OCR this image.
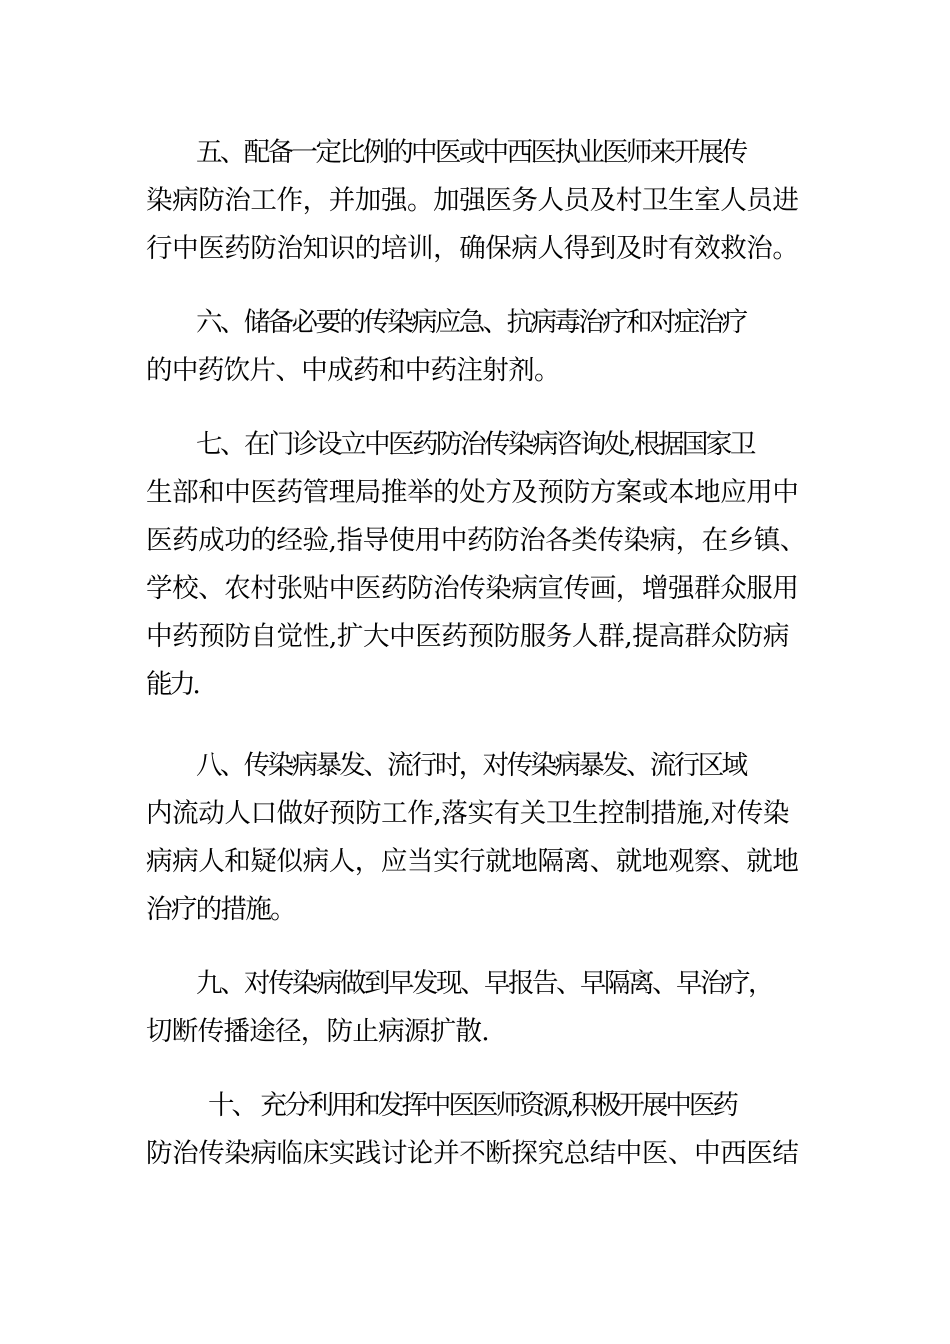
五、配备一定比例的中医或中西医执业医师来开展传

染病防治工作，并加强。加强医务人员及村卫生室人员进

行中医药防治知识的培训，确保病人得到及时有效救治。

六、储备必要的传染病应急、抗病毒治疗和对症治疗

的中药饮片、中成药和中药注射剂。

七、在门诊设立中医药防治传染病咨询处,根据国家卫

生部和中医药管理局推举的处方及预防方案或本地应用中

医药成功的经验,指导使用中药防治各类传染病，在乡镇、

学校、农村张贴中医药防治传染病宣传画，增强群众服用

中药预防自觉性,扩大中医药预防服务人群,提高群众防病

能力.

八、传染病暴发、流行时，对传染病暴发、流行区域

内流动人口做好预防工作,落实有关卫生控制措施,对传染

病病人和疑似病人，应当实行就地隔离、就地观察、就地

治疗的措施。

九、对传染病做到早发现、早报告、早隔离、早治疗，

切断传播途径，防止病源扩散.

十、 充分利用和发挥中医医师资源,积极开展中医药

防治传染病临床实践讨论并不断探究总结中医、中西医结
